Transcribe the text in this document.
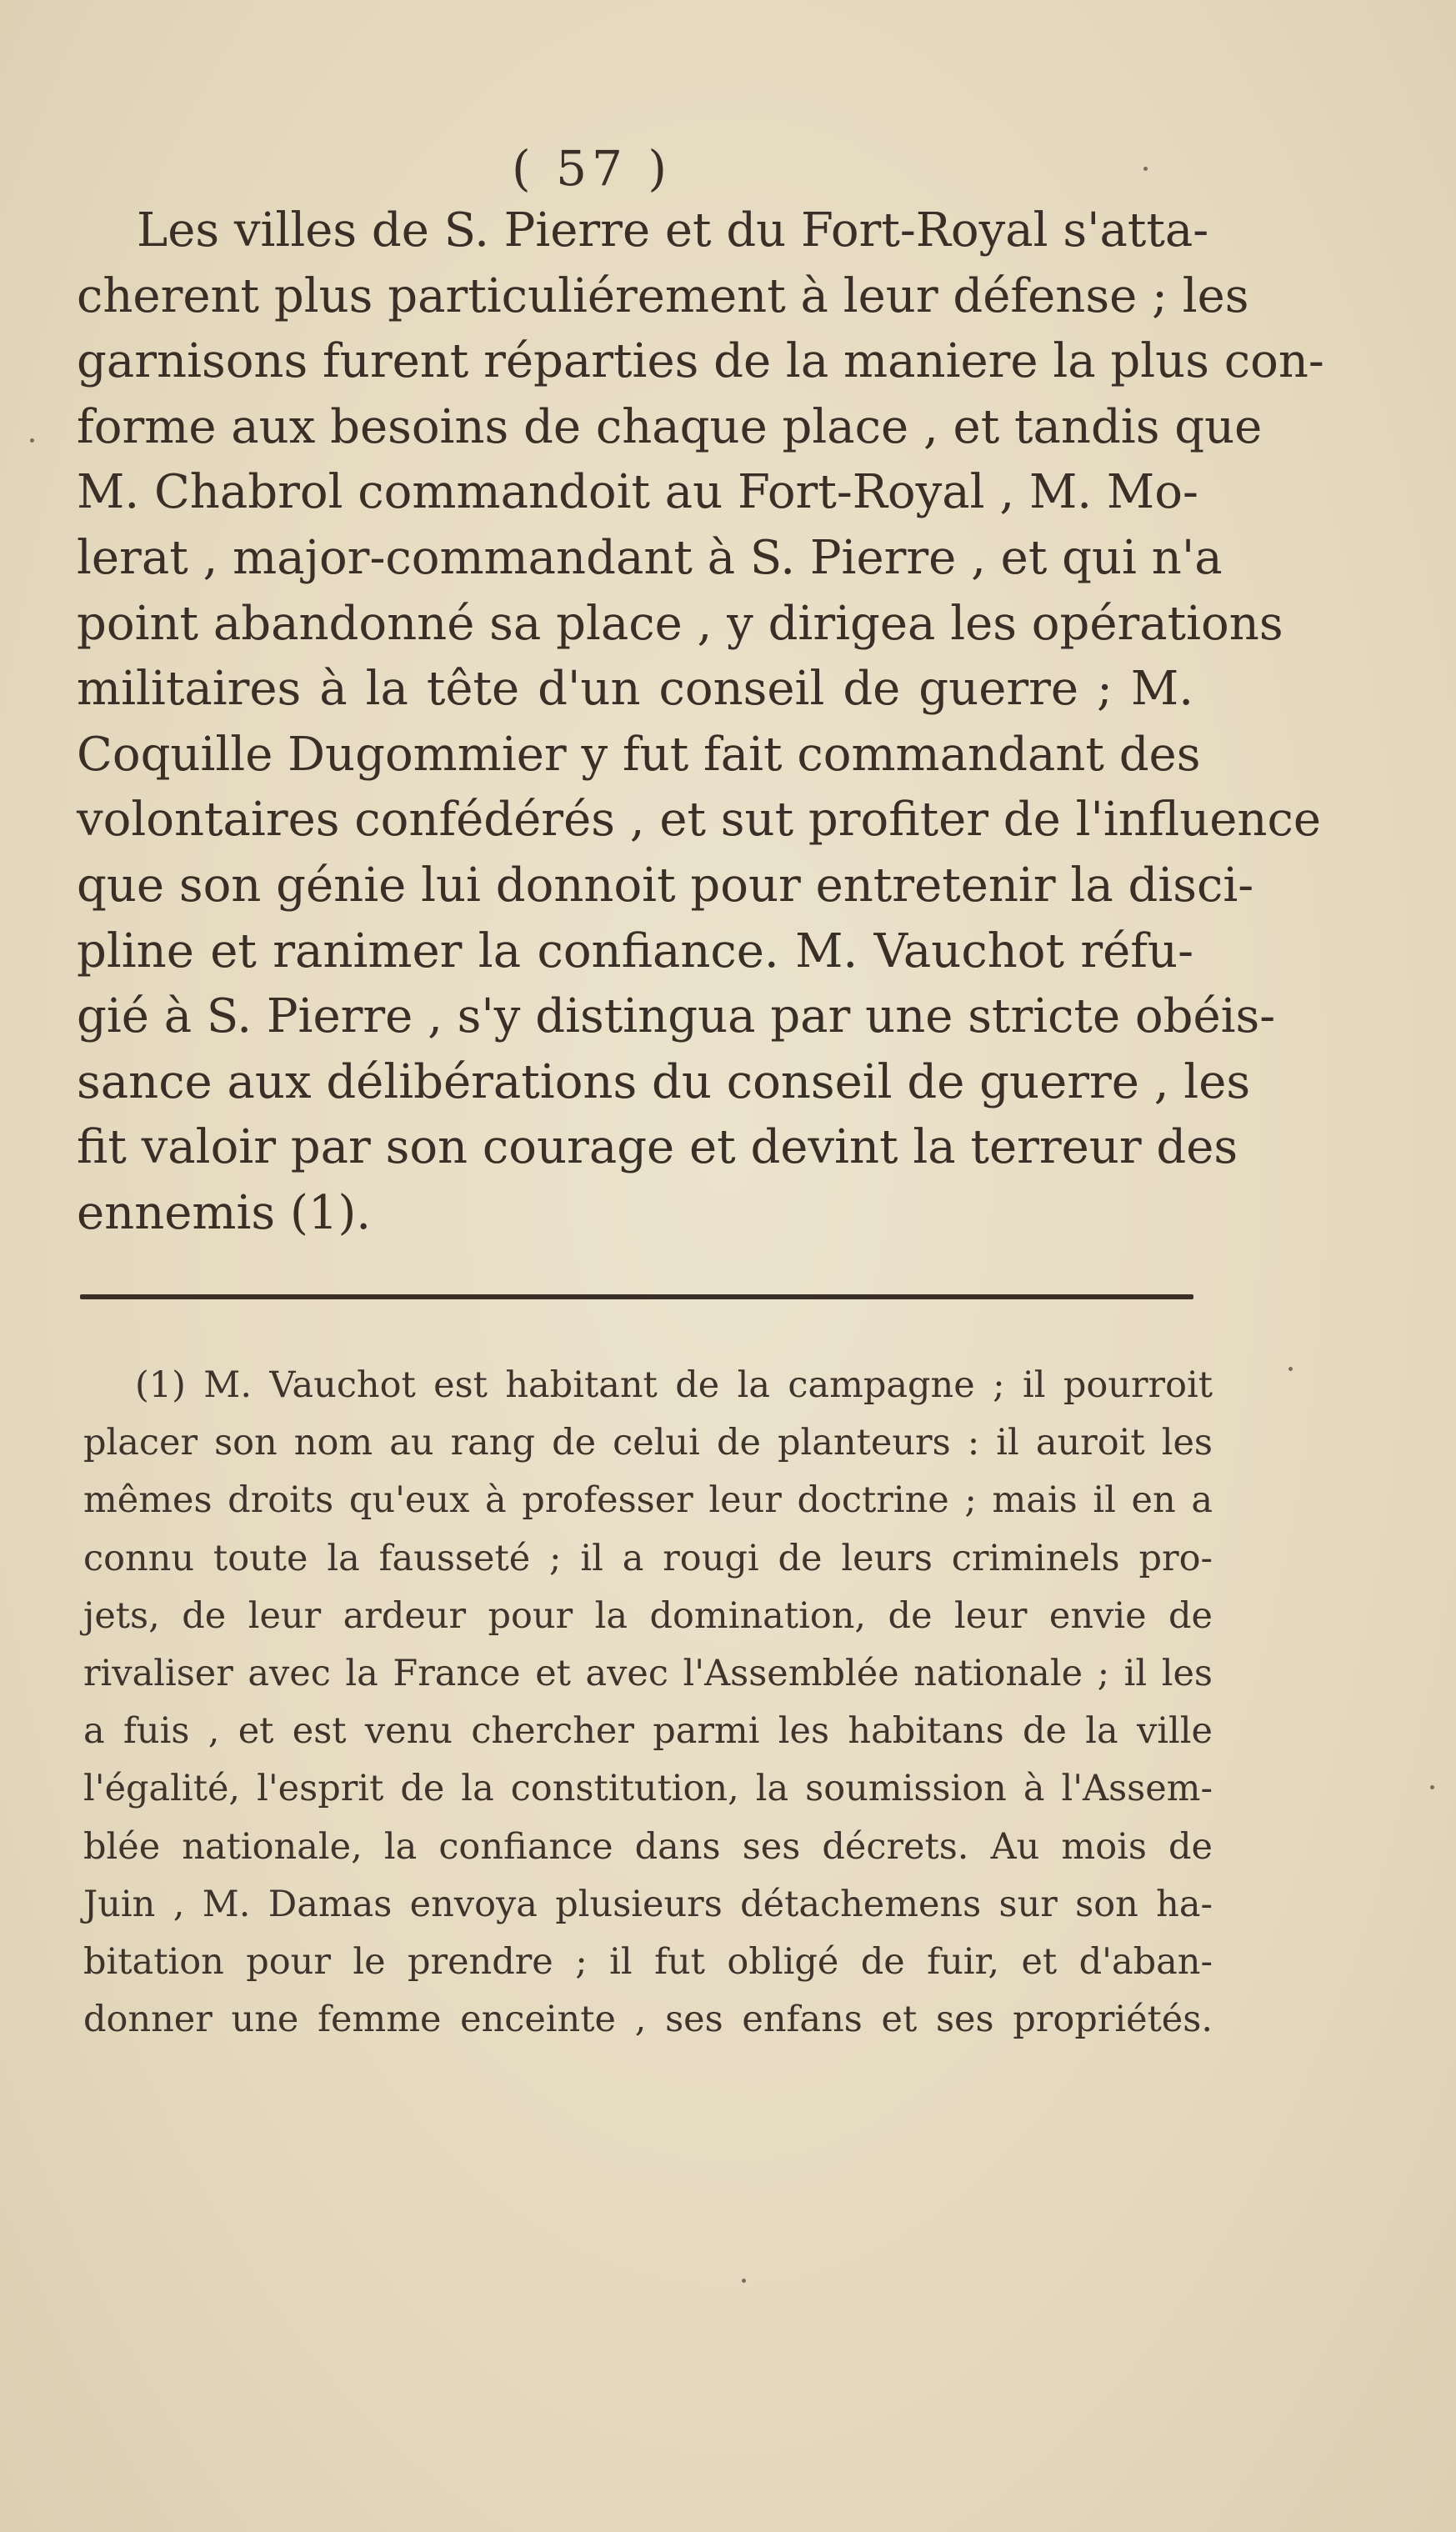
( 57 )
Les villes de S. Pierre et du Fort-Royal s'atta-
cherent plus particuliérement à leur défense ; les
garnisons furent réparties de la maniere la plus con-
forme aux besoins de chaque place , et tandis que
M. Chabrol commandoit au Fort-Royal , M. Mo-
lerat , major-commandant à S. Pierre , et qui n'a
point abandonné sa place , y dirigea les opérations
militaires à la tête d'un conseil de guerre ; M.
Coquille Dugommier y fut fait commandant des
volontaires confédérés , et sut profiter de l'influence
que son génie lui donnoit pour entretenir la disci-
pline et ranimer la confiance. M. Vauchot réfu-
gié à S. Pierre , s'y distingua par une stricte obéis-
sance aux délibérations du conseil de guerre , les
fit valoir par son courage et devint la terreur des
ennemis (1).
(1) M. Vauchot est habitant de la campagne ; il pourroit
placer son nom au rang de celui de planteurs : il auroit les
mêmes droits qu'eux à professer leur doctrine ; mais il en a
connu toute la fausseté ; il a rougi de leurs criminels pro-
jets, de leur ardeur pour la domination, de leur envie de
rivaliser avec la France et avec l'Assemblée nationale ; il les
a fuis , et est venu chercher parmi les habitans de la ville
l'égalité, l'esprit de la constitution, la soumission à l'Assem-
blée nationale, la confiance dans ses décrets. Au mois de
Juin , M. Damas envoya plusieurs détachemens sur son ha-
bitation pour le prendre ; il fut obligé de fuir, et d'aban-
donner une femme enceinte , ses enfans et ses propriétés.
